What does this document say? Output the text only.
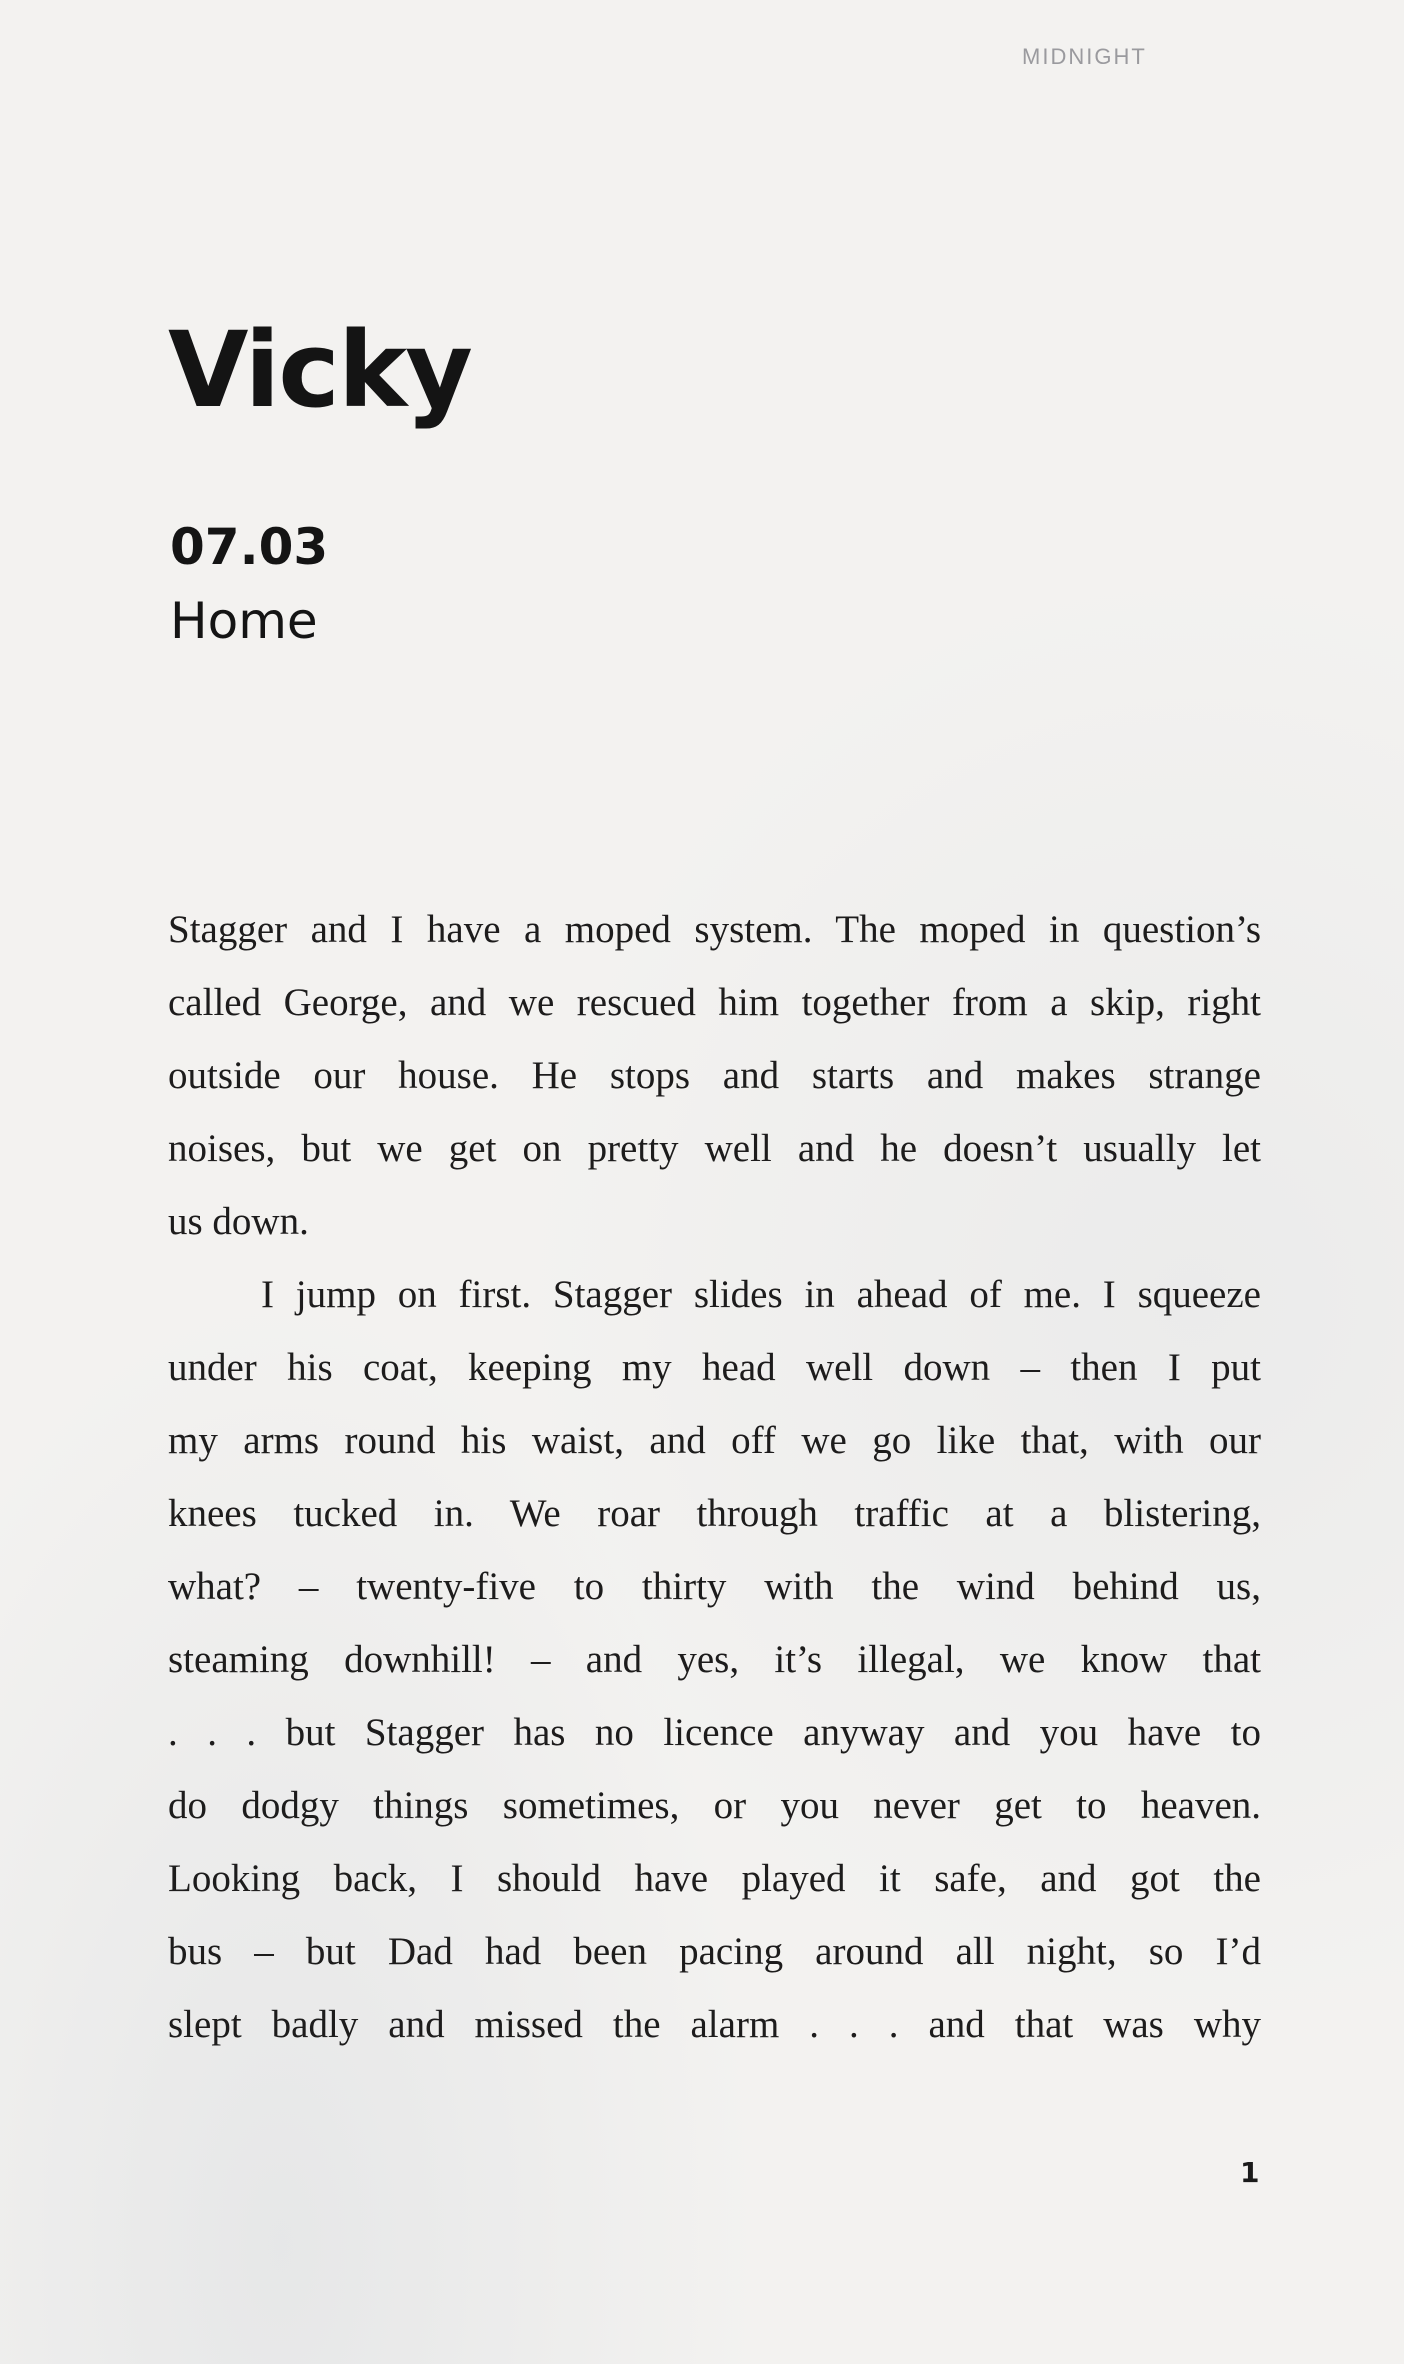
MIDNIGHT
Vicky
07.03
Home
Stagger and I have a moped system. The moped in question’s
called George, and we rescued him together from a skip, right
outside our house. He stops and starts and makes strange
noises, but we get on pretty well and he doesn’t usually let
us down.
I jump on first. Stagger slides in ahead of me. I squeeze
under his coat, keeping my head well down – then I put
my arms round his waist, and off we go like that, with our
knees tucked in. We roar through traffic at a blistering,
what? – twenty-five to thirty with the wind behind us,
steaming downhill! – and yes, it’s illegal, we know that
. . . but Stagger has no licence anyway and you have to
do dodgy things sometimes, or you never get to heaven.
Looking back, I should have played it safe, and got the
bus – but Dad had been pacing around all night, so I’d
slept badly and missed the alarm . . . and that was why
1
